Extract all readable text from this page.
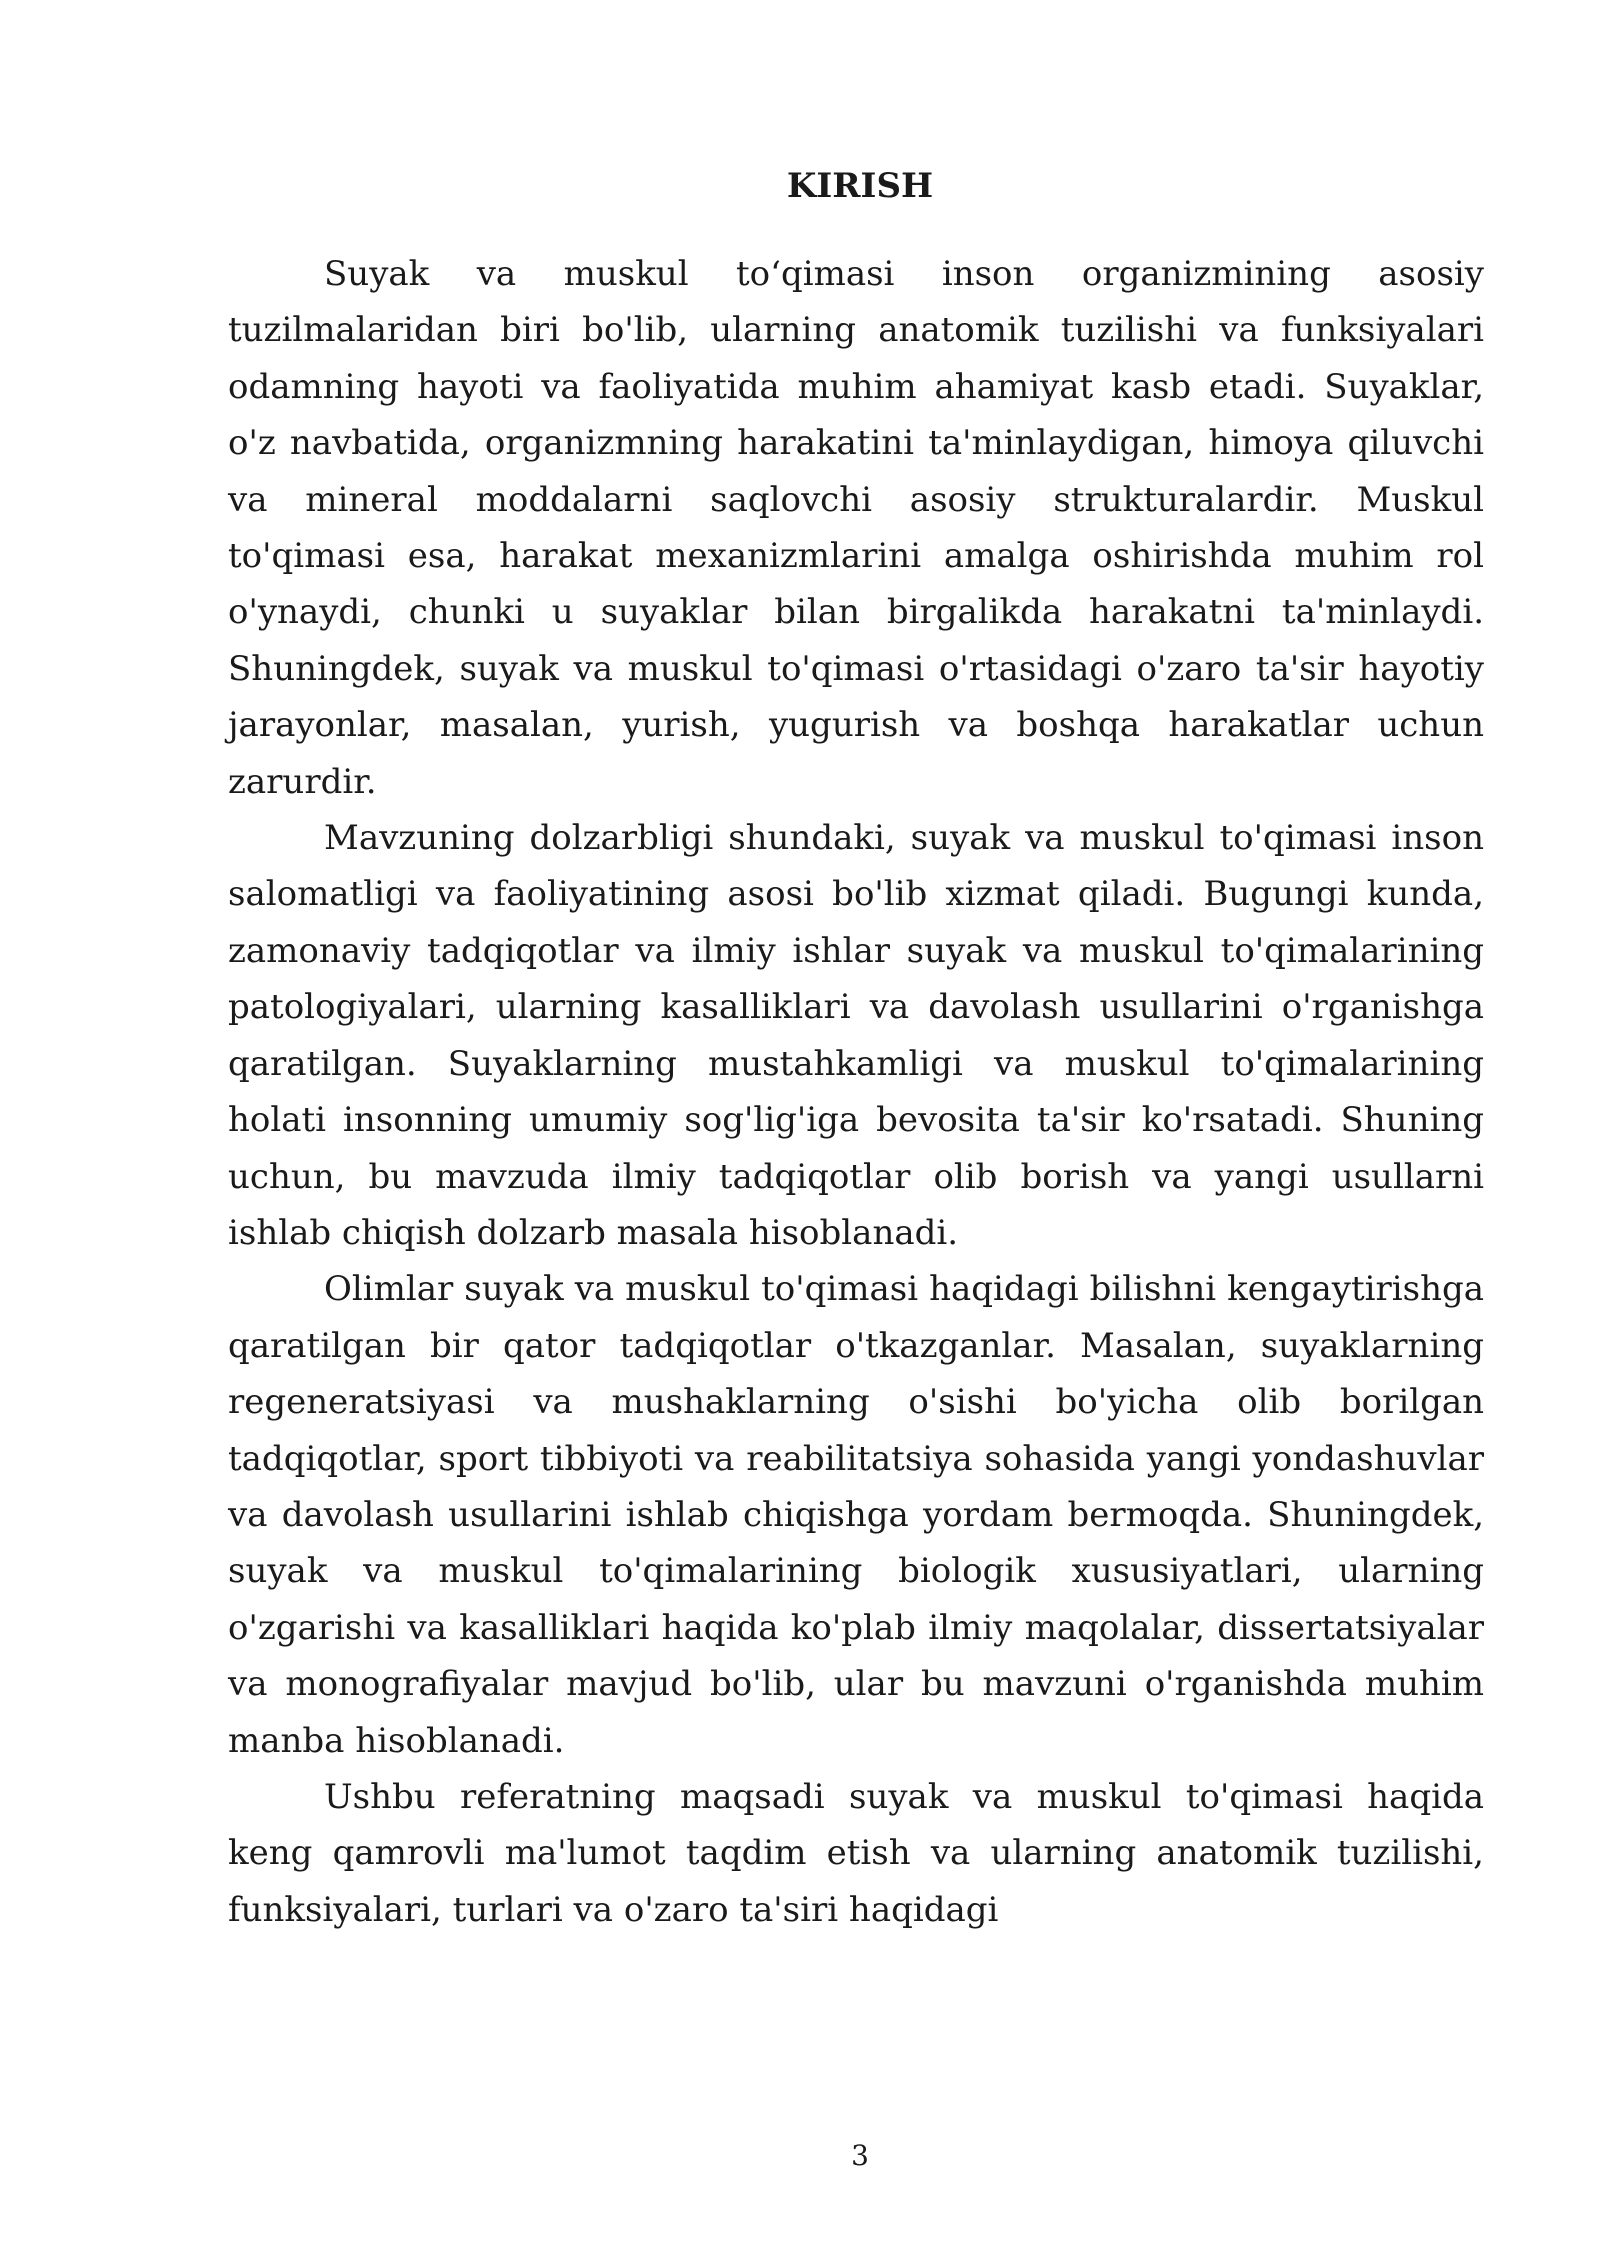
KIRISH

Suyak va muskul to‘qimasi inson organizmining asosiy tuzilmalaridan biri bo'lib, ularning anatomik tuzilishi va funksiyalari odamning hayoti va faoliyatida muhim ahamiyat kasb etadi. Suyaklar, o'z navbatida, organizmning harakatini ta'minlaydigan, himoya qiluvchi va mineral moddalarni saqlovchi asosiy strukturalardir. Muskul to'qimasi esa, harakat mexanizmlarini amalga oshirishda muhim rol o'ynaydi, chunki u suyaklar bilan birgalikda harakatni ta'minlaydi. Shuningdek, suyak va muskul to'qimasi o'rtasidagi o'zaro ta'sir hayotiy jarayonlar, masalan, yurish, yugurish va boshqa harakatlar uchun zarurdir.

Mavzuning dolzarbligi shundaki, suyak va muskul to'qimasi inson salomatligi va faoliyatining asosi bo'lib xizmat qiladi. Bugungi kunda, zamonaviy tadqiqotlar va ilmiy ishlar suyak va muskul to'qimalarining patologiyalari, ularning kasalliklari va davolash usullarini o'rganishga qaratilgan. Suyaklarning mustahkamligi va muskul to'qimalarining holati insonning umumiy sog'lig'iga bevosita ta'sir ko'rsatadi. Shuning uchun, bu mavzuda ilmiy tadqiqotlar olib borish va yangi usullarni ishlab chiqish dolzarb masala hisoblanadi.

Olimlar suyak va muskul to'qimasi haqidagi bilishni kengaytirishga qaratilgan bir qator tadqiqotlar o'tkazganlar. Masalan, suyaklarning regeneratsiyasi va mushaklarning o'sishi bo'yicha olib borilgan tadqiqotlar, sport tibbiyoti va reabilitatsiya sohasida yangi yondashuvlar va davolash usullarini ishlab chiqishga yordam bermoqda. Shuningdek, suyak va muskul to'qimalarining biologik xususiyatlari, ularning o'zgarishi va kasalliklari haqida ko'plab ilmiy maqolalar, dissertatsiyalar va monografiyalar mavjud bo'lib, ular bu mavzuni o'rganishda muhim manba hisoblanadi.

Ushbu referatning maqsadi suyak va muskul to'qimasi haqida keng qamrovli ma'lumot taqdim etish va ularning anatomik tuzilishi, funksiyalari, turlari va o'zaro ta'siri haqidagi

3
